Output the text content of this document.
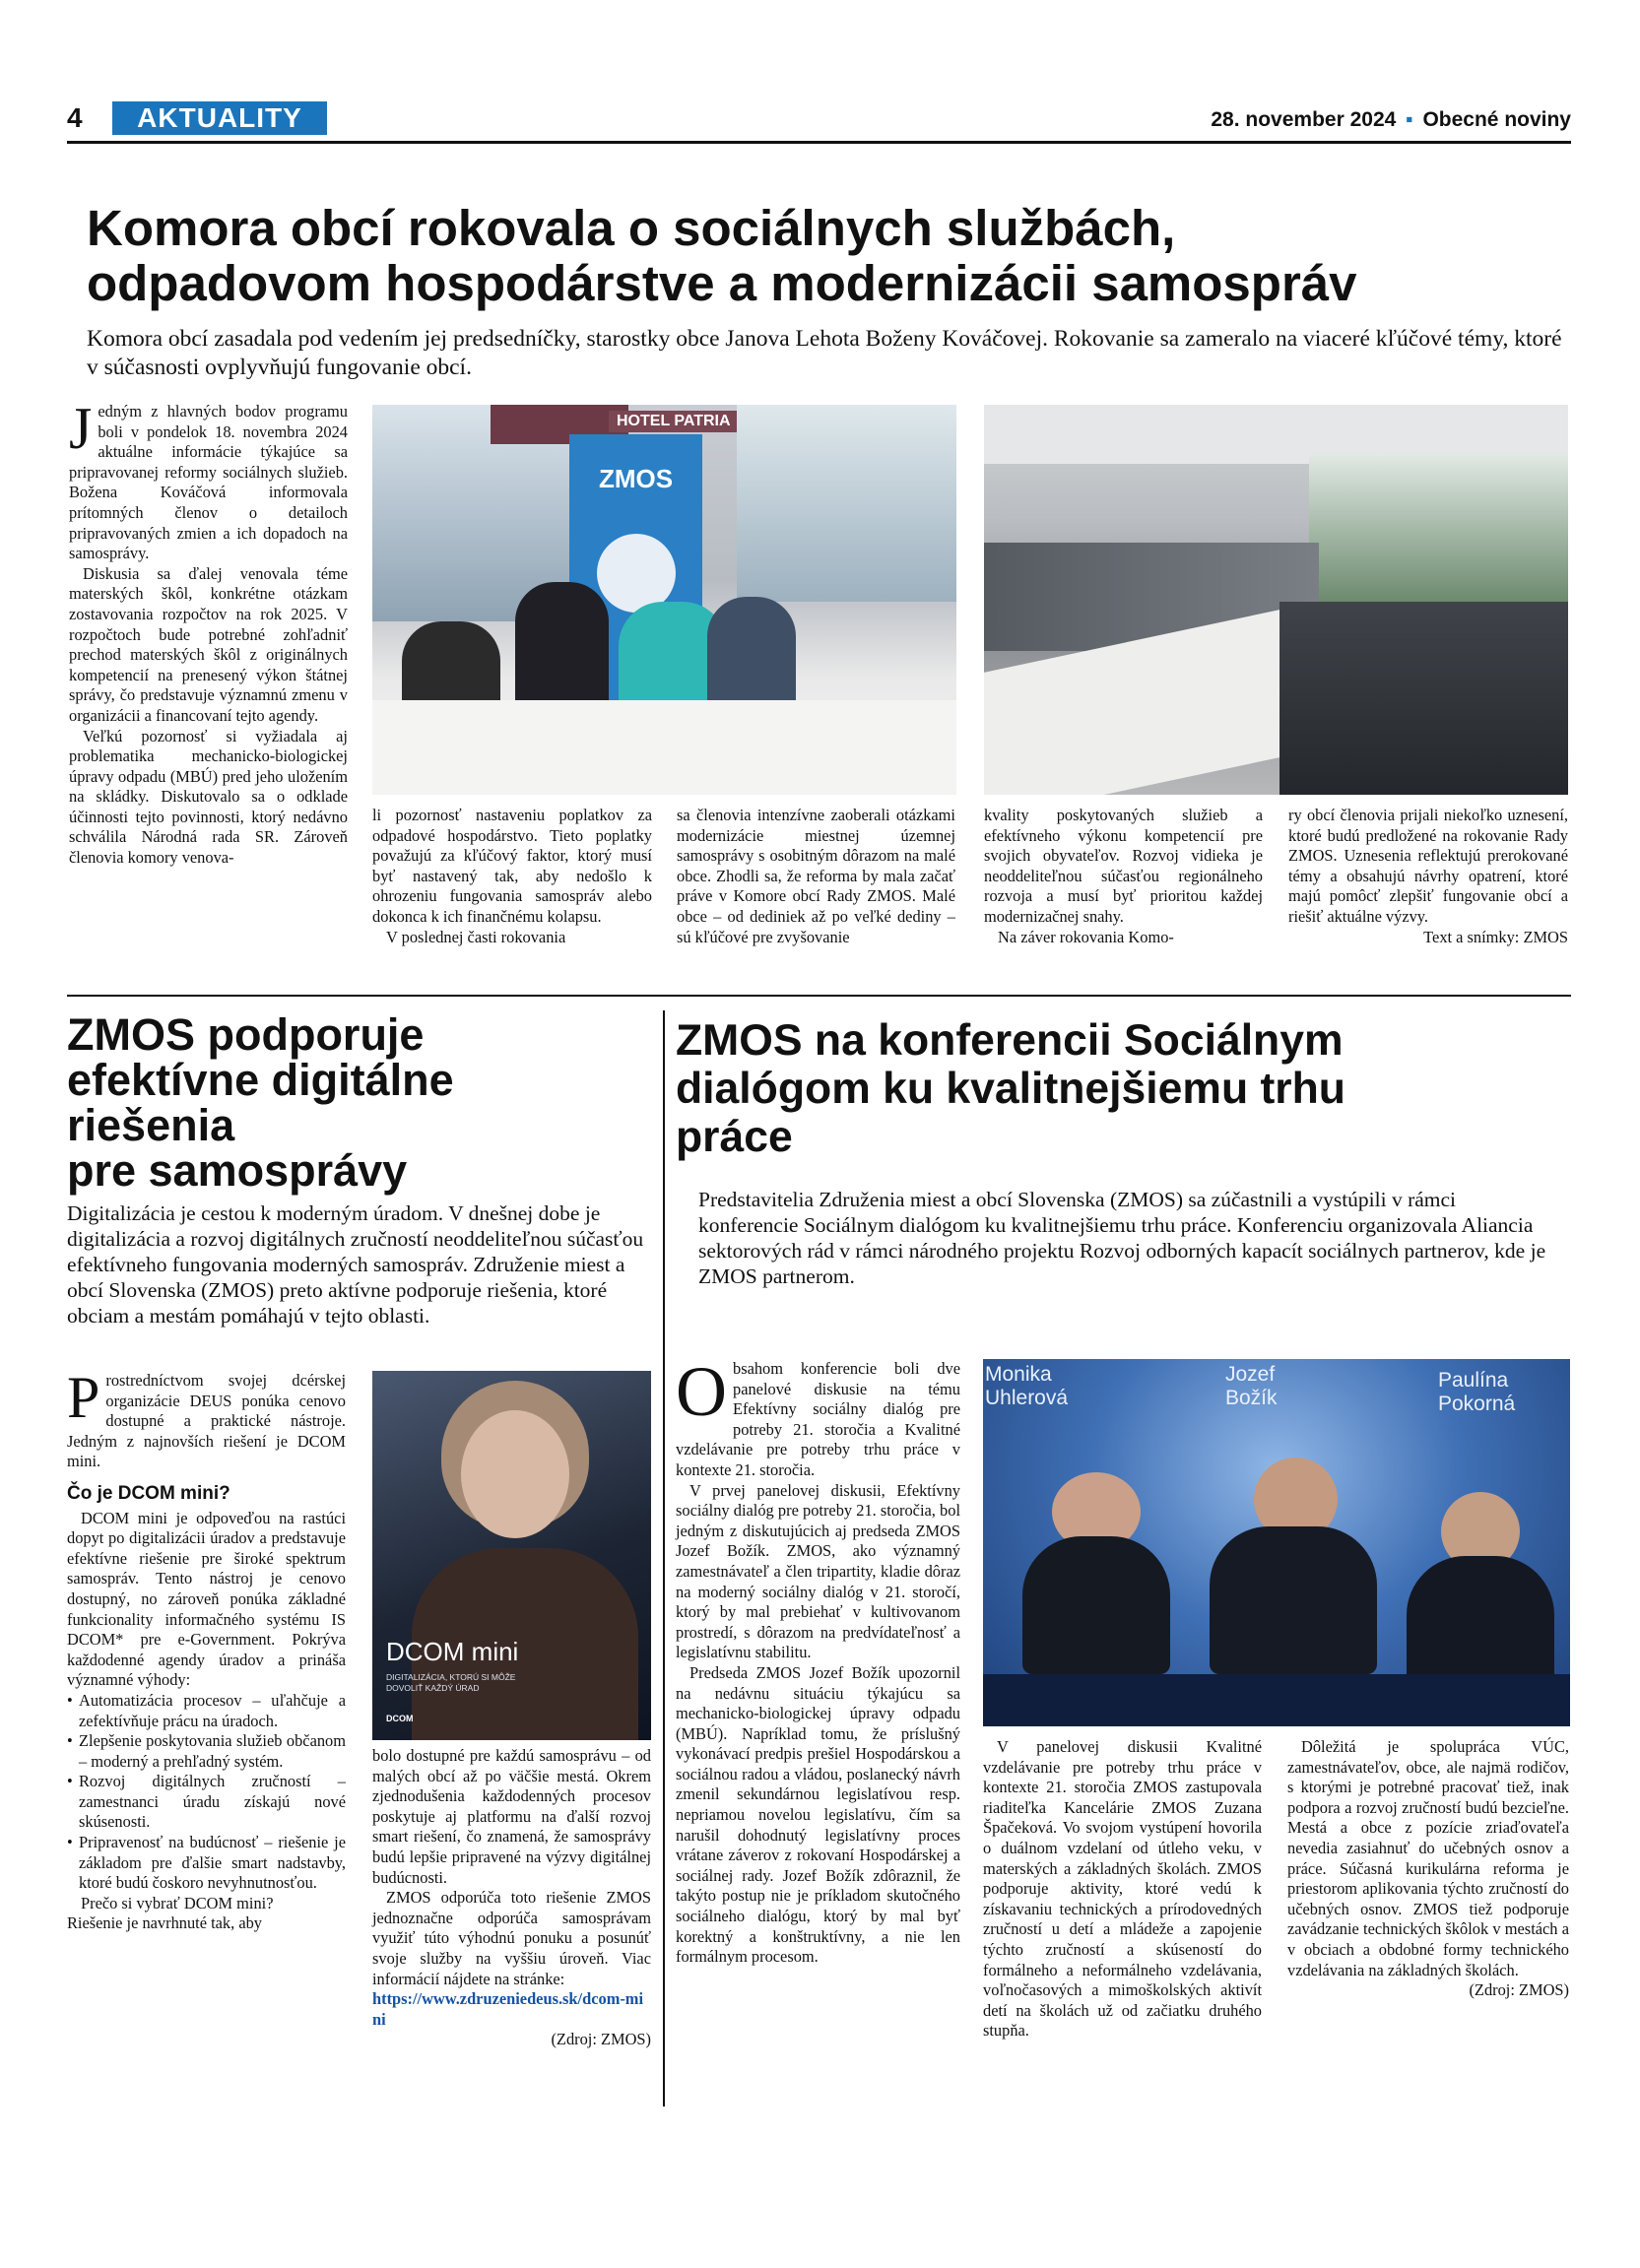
4	AKTUALITY	28. november 2024 ▪ Obecné noviny
Komora obcí rokovala o sociálnych službách,
odpadovom hospodárstve a modernizácii samospráv
Komora obcí zasadala pod vedením jej predsedníčky, starostky obce Janova Lehota Boženy Kováčovej. Rokovanie sa zameralo na viaceré kľúčové témy, ktoré v súčasnosti ovplyvňujú fungovanie obcí.
HOTEL PATRIA
ZMOS

Jedným z hlavných bodov programu boli v pondelok 18. novembra 2024 aktuálne informácie týkajúce sa pripravovanej reformy sociálnych služieb. Božena Kováčová informovala prítomných členov o detailoch pripravovaných zmien a ich dopadoch na samosprávy.

Diskusia sa ďalej venovala téme materských škôl, konkrétne otázkam zostavovania rozpočtov na rok 2025. V rozpočtoch bude potrebné zohľadniť prechod materských škôl z originálnych kompetencií na prenesený výkon štátnej správy, čo predstavuje významnú zmenu v organizácii a financovaní tejto agendy.

Veľkú pozornosť si vyžiadala aj problematika mechanicko-biologickej úpravy odpadu (MBÚ) pred jeho uložením na skládky. Diskutovalo sa o odklade účinnosti tejto povinnosti, ktorý nedávno schválila Národná rada SR. Zároveň členovia komory venova-

li pozornosť nastaveniu poplatkov za odpadové hospodárstvo. Tieto poplatky považujú za kľúčový faktor, ktorý musí byť nastavený tak, aby nedošlo k ohrozeniu fungovania samospráv alebo dokonca k ich finančnému kolapsu.

V poslednej časti rokovania

sa členovia intenzívne zaoberali otázkami modernizácie miestnej územnej samosprávy s osobitným dôrazom na malé obce. Zhodli sa, že reforma by mala začať práve v Komore obcí Rady ZMOS. Malé obce – od dediniek až po veľké dediny – sú kľúčové pre zvyšovanie

kvality poskytovaných služieb a efektívneho výkonu kompetencií pre svojich obyvateľov. Rozvoj vidieka je neoddeliteľnou súčasťou regionálneho rozvoja a musí byť prioritou každej modernizačnej snahy.

Na záver rokovania Komo-

ry obcí členovia prijali niekoľko uznesení, ktoré budú predložené na rokovanie Rady ZMOS. Uznesenia reflektujú prerokované témy a obsahujú návrhy opatrení, ktoré majú pomôcť zlepšiť fungovanie obcí a riešiť aktuálne výzvy.

Text a snímky: ZMOS

ZMOS podporuje
efektívne digitálne
riešenia
pre samosprávy
Digitalizácia je cestou k moderným úradom. V dnešnej dobe je digitalizácia a rozvoj digitálnych zručností neoddeliteľnou súčasťou efektívneho fungovania moderných samospráv. Združenie miest a obcí Slovenska (ZMOS) preto aktívne podporuje riešenia, ktoré obciam a mestám pomáhajú v tejto oblasti.

Prostredníctvom svojej dcérskej organizácie DEUS ponúka cenovo dostupné a praktické nástroje. Jedným z najnovších riešení je DCOM mini.

Čo je DCOM mini?

DCOM mini je odpoveďou na rastúci dopyt po digitalizácii úradov a predstavuje efektívne riešenie pre široké spektrum samospráv. Tento nástroj je cenovo dostupný, no zároveň ponúka základné funkcionality informačného systému IS DCOM* pre e-Government. Pokrýva každodenné agendy úradov a prináša významné výhody:

• Automatizácia procesov – uľahčuje a zefektívňuje prácu na úradoch.
• Zlepšenie poskytovania služieb občanom – moderný a prehľadný systém.
• Rozvoj digitálnych zručností – zamestnanci úradu získajú nové skúsenosti.
• Pripravenosť na budúcnosť – riešenie je základom pre ďalšie smart nadstavby, ktoré budú čoskoro nevyhnutnosťou.

Prečo si vybrať DCOM mini?

Riešenie je navrhnuté tak, aby

DCOM mini
DIGITALIZÁCIA, KTORÚ SI MÔŽE DOVOLIŤ KAŽDÝ ÚRAD
DCOM

bolo dostupné pre každú samosprávu – od malých obcí až po väčšie mestá. Okrem zjednodušenia každodenných procesov poskytuje aj platformu na ďalší rozvoj smart riešení, čo znamená, že samosprávy budú lepšie pripravené na výzvy digitálnej budúcnosti.

ZMOS odporúča toto riešenie ZMOS jednoznačne odporúča samosprávam využiť túto výhodnú ponuku a posunúť svoje služby na vyššiu úroveň. Viac informácií nájdete na stránke:

https://www.zdruzeniedeus.sk/dcom-mini

(Zdroj: ZMOS)

ZMOS na konferencii Sociálnym
dialógom ku kvalitnejšiemu trhu
práce
Predstavitelia Združenia miest a obcí Slovenska (ZMOS) sa zúčastnili a vystúpili v rámci konferencie Sociálnym dialógom ku kvalitnejšiemu trhu práce. Konferenciu organizovala Aliancia sektorových rád v rámci národného projektu Rozvoj odborných kapacít sociálnych partnerov, kde je ZMOS partnerom.

Obsahom konferencie boli dve panelové diskusie na tému Efektívny sociálny dialóg pre potreby 21. storočia a Kvalitné vzdelávanie pre potreby trhu práce v kontexte 21. storočia.

V prvej panelovej diskusii, Efektívny sociálny dialóg pre potreby 21. storočia, bol jedným z diskutujúcich aj predseda ZMOS Jozef Božík. ZMOS, ako významný zamestnávateľ a člen tripartity, kladie dôraz na moderný sociálny dialóg v 21. storočí, ktorý by mal prebiehať v kultivovanom prostredí, s dôrazom na predvídateľnosť a legislatívnu stabilitu.

Predseda ZMOS Jozef Božík upozornil na nedávnu situáciu týkajúcu sa mechanicko-biologickej úpravy odpadu (MBÚ). Napríklad tomu, že príslušný vykonávací predpis prešiel Hospodárskou a sociálnou radou a vládou, poslanecký návrh zmenil sekundárnou legislatívou resp. nepriamou novelou legislatívu, čím sa narušil dohodnutý legislatívny proces vrátane záverov z rokovaní Hospodárskej a sociálnej rady. Jozef Božík zdôraznil, že takýto postup nie je príkladom skutočného sociálneho dialógu, ktorý by mal byť korektný a konštruktívny, a nie len formálnym procesom.

Monika
Uhlerová
Jozef
Božík
Paulína
Pokorná

V panelovej diskusii Kvalitné vzdelávanie pre potreby trhu práce v kontexte 21. storočia ZMOS zastupovala riaditeľka Kancelárie ZMOS Zuzana Špačeková. Vo svojom vystúpení hovorila o duálnom vzdelaní od útleho veku, v materských a základných školách. ZMOS podporuje aktivity, ktoré vedú k získavaniu technických a prírodovedných zručností u detí a mládeže a zapojenie týchto zručností a skúseností do formálneho a neformálneho vzdelávania, voľnočasových a mimoškolských aktivít detí na školách už od začiatku druhého stupňa.

Dôležitá je spolupráca VÚC, zamestnávateľov, obce, ale najmä rodičov, s ktorými je potrebné pracovať tiež, inak podpora a rozvoj zručností budú bezcieľne. Mestá a obce z pozície zriaďovateľa nevedia zasiahnuť do učebných osnov a práce. Súčasná kurikulárna reforma je priestorom aplikovania týchto zručností do učebných osnov. ZMOS tiež podporuje zavádzanie technických škôlok v mestách a v obciach a obdobné formy technického vzdelávania na základných školách.

(Zdroj: ZMOS)
